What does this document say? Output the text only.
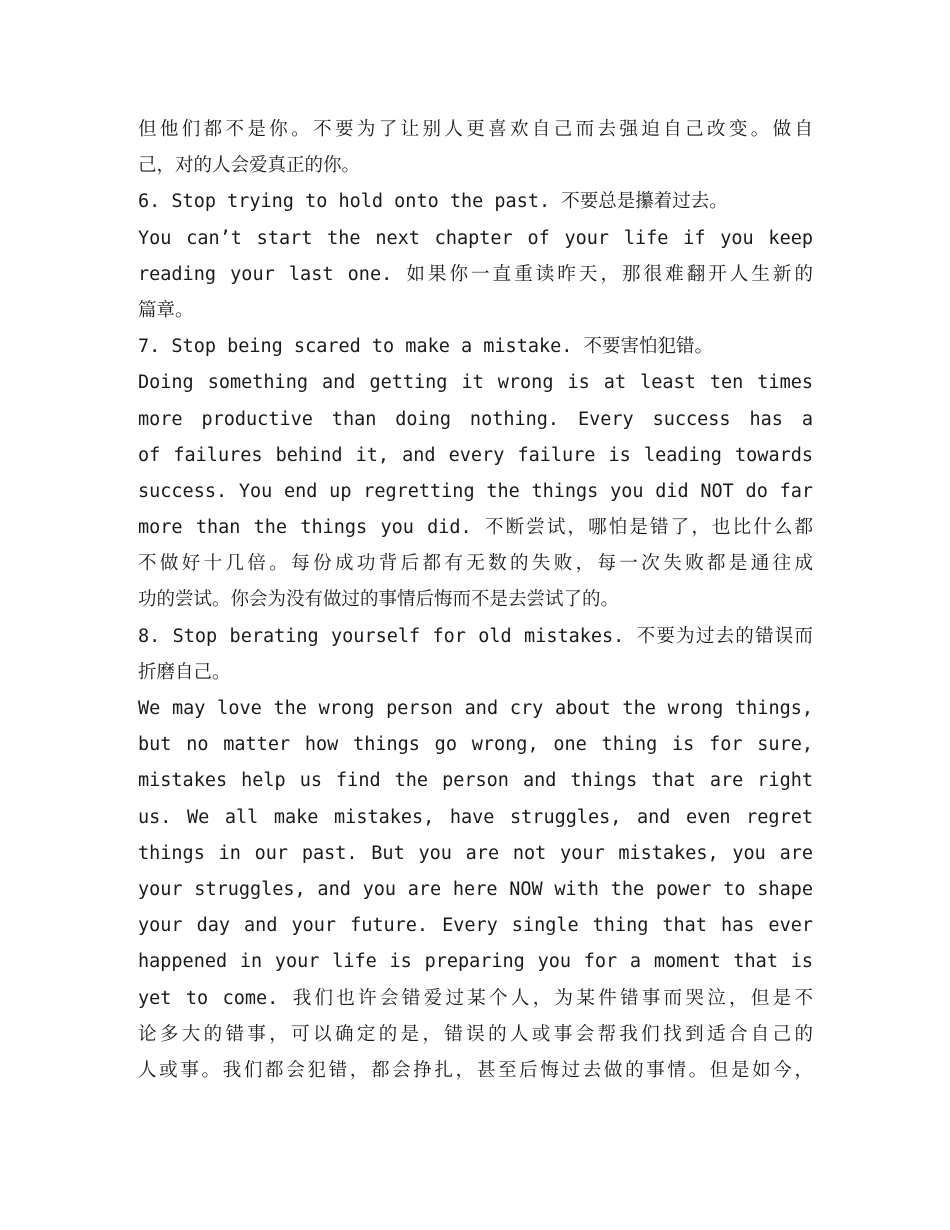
但他们都不是你。不要为了让别人更喜欢自己而去强迫自己改变。做自
己，对的人会爱真正的你。
6. Stop trying to hold onto the past. 不要总是攥着过去。
You can’t start the next chapter of your life if you keep
reading your last one. 如果你一直重读昨天，那很难翻开人生新的
篇章。
7. Stop being scared to make a mistake. 不要害怕犯错。
Doing something and getting it wrong is at least ten times
more productive than doing nothing. Every success has a
of failures behind it, and every failure is leading towards
success. You end up regretting the things you did NOT do far
more than the things you did. 不断尝试，哪怕是错了，也比什么都
不做好十几倍。每份成功背后都有无数的失败，每一次失败都是通往成
功的尝试。你会为没有做过的事情后悔而不是去尝试了的。
8. Stop berating yourself for old mistakes. 不要为过去的错误而
折磨自己。
We may love the wrong person and cry about the wrong things,
but no matter how things go wrong, one thing is for sure,
mistakes help us find the person and things that are right
us. We all make mistakes, have struggles, and even regret
things in our past. But you are not your mistakes, you are
your struggles, and you are here NOW with the power to shape
your day and your future. Every single thing that has ever
happened in your life is preparing you for a moment that is
yet to come. 我们也许会错爱过某个人，为某件错事而哭泣，但是不
论多大的错事，可以确定的是，错误的人或事会帮我们找到适合自己的
人或事。我们都会犯错，都会挣扎，甚至后悔过去做的事情。但是如今，
